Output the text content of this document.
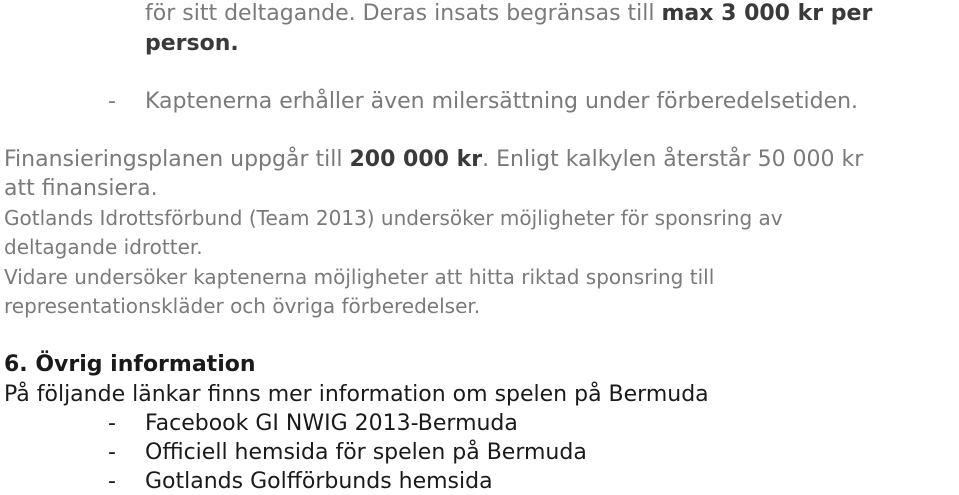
för sitt deltagande. Deras insats begränsas till max 3 000 kr per
person.
- Kaptenerna erhåller även milersättning under förberedelsetiden.
Finansieringsplanen uppgår till 200 000 kr. Enligt kalkylen återstår 50 000 kr
att finansiera.
Gotlands Idrottsförbund (Team 2013) undersöker möjligheter för sponsring av
deltagande idrotter.
Vidare undersöker kaptenerna möjligheter att hitta riktad sponsring till
representationskläder och övriga förberedelser.
6. Övrig information
På följande länkar finns mer information om spelen på Bermuda
- Facebook GI NWIG 2013-Bermuda
- Officiell hemsida för spelen på Bermuda
- Gotlands Golfförbunds hemsida
